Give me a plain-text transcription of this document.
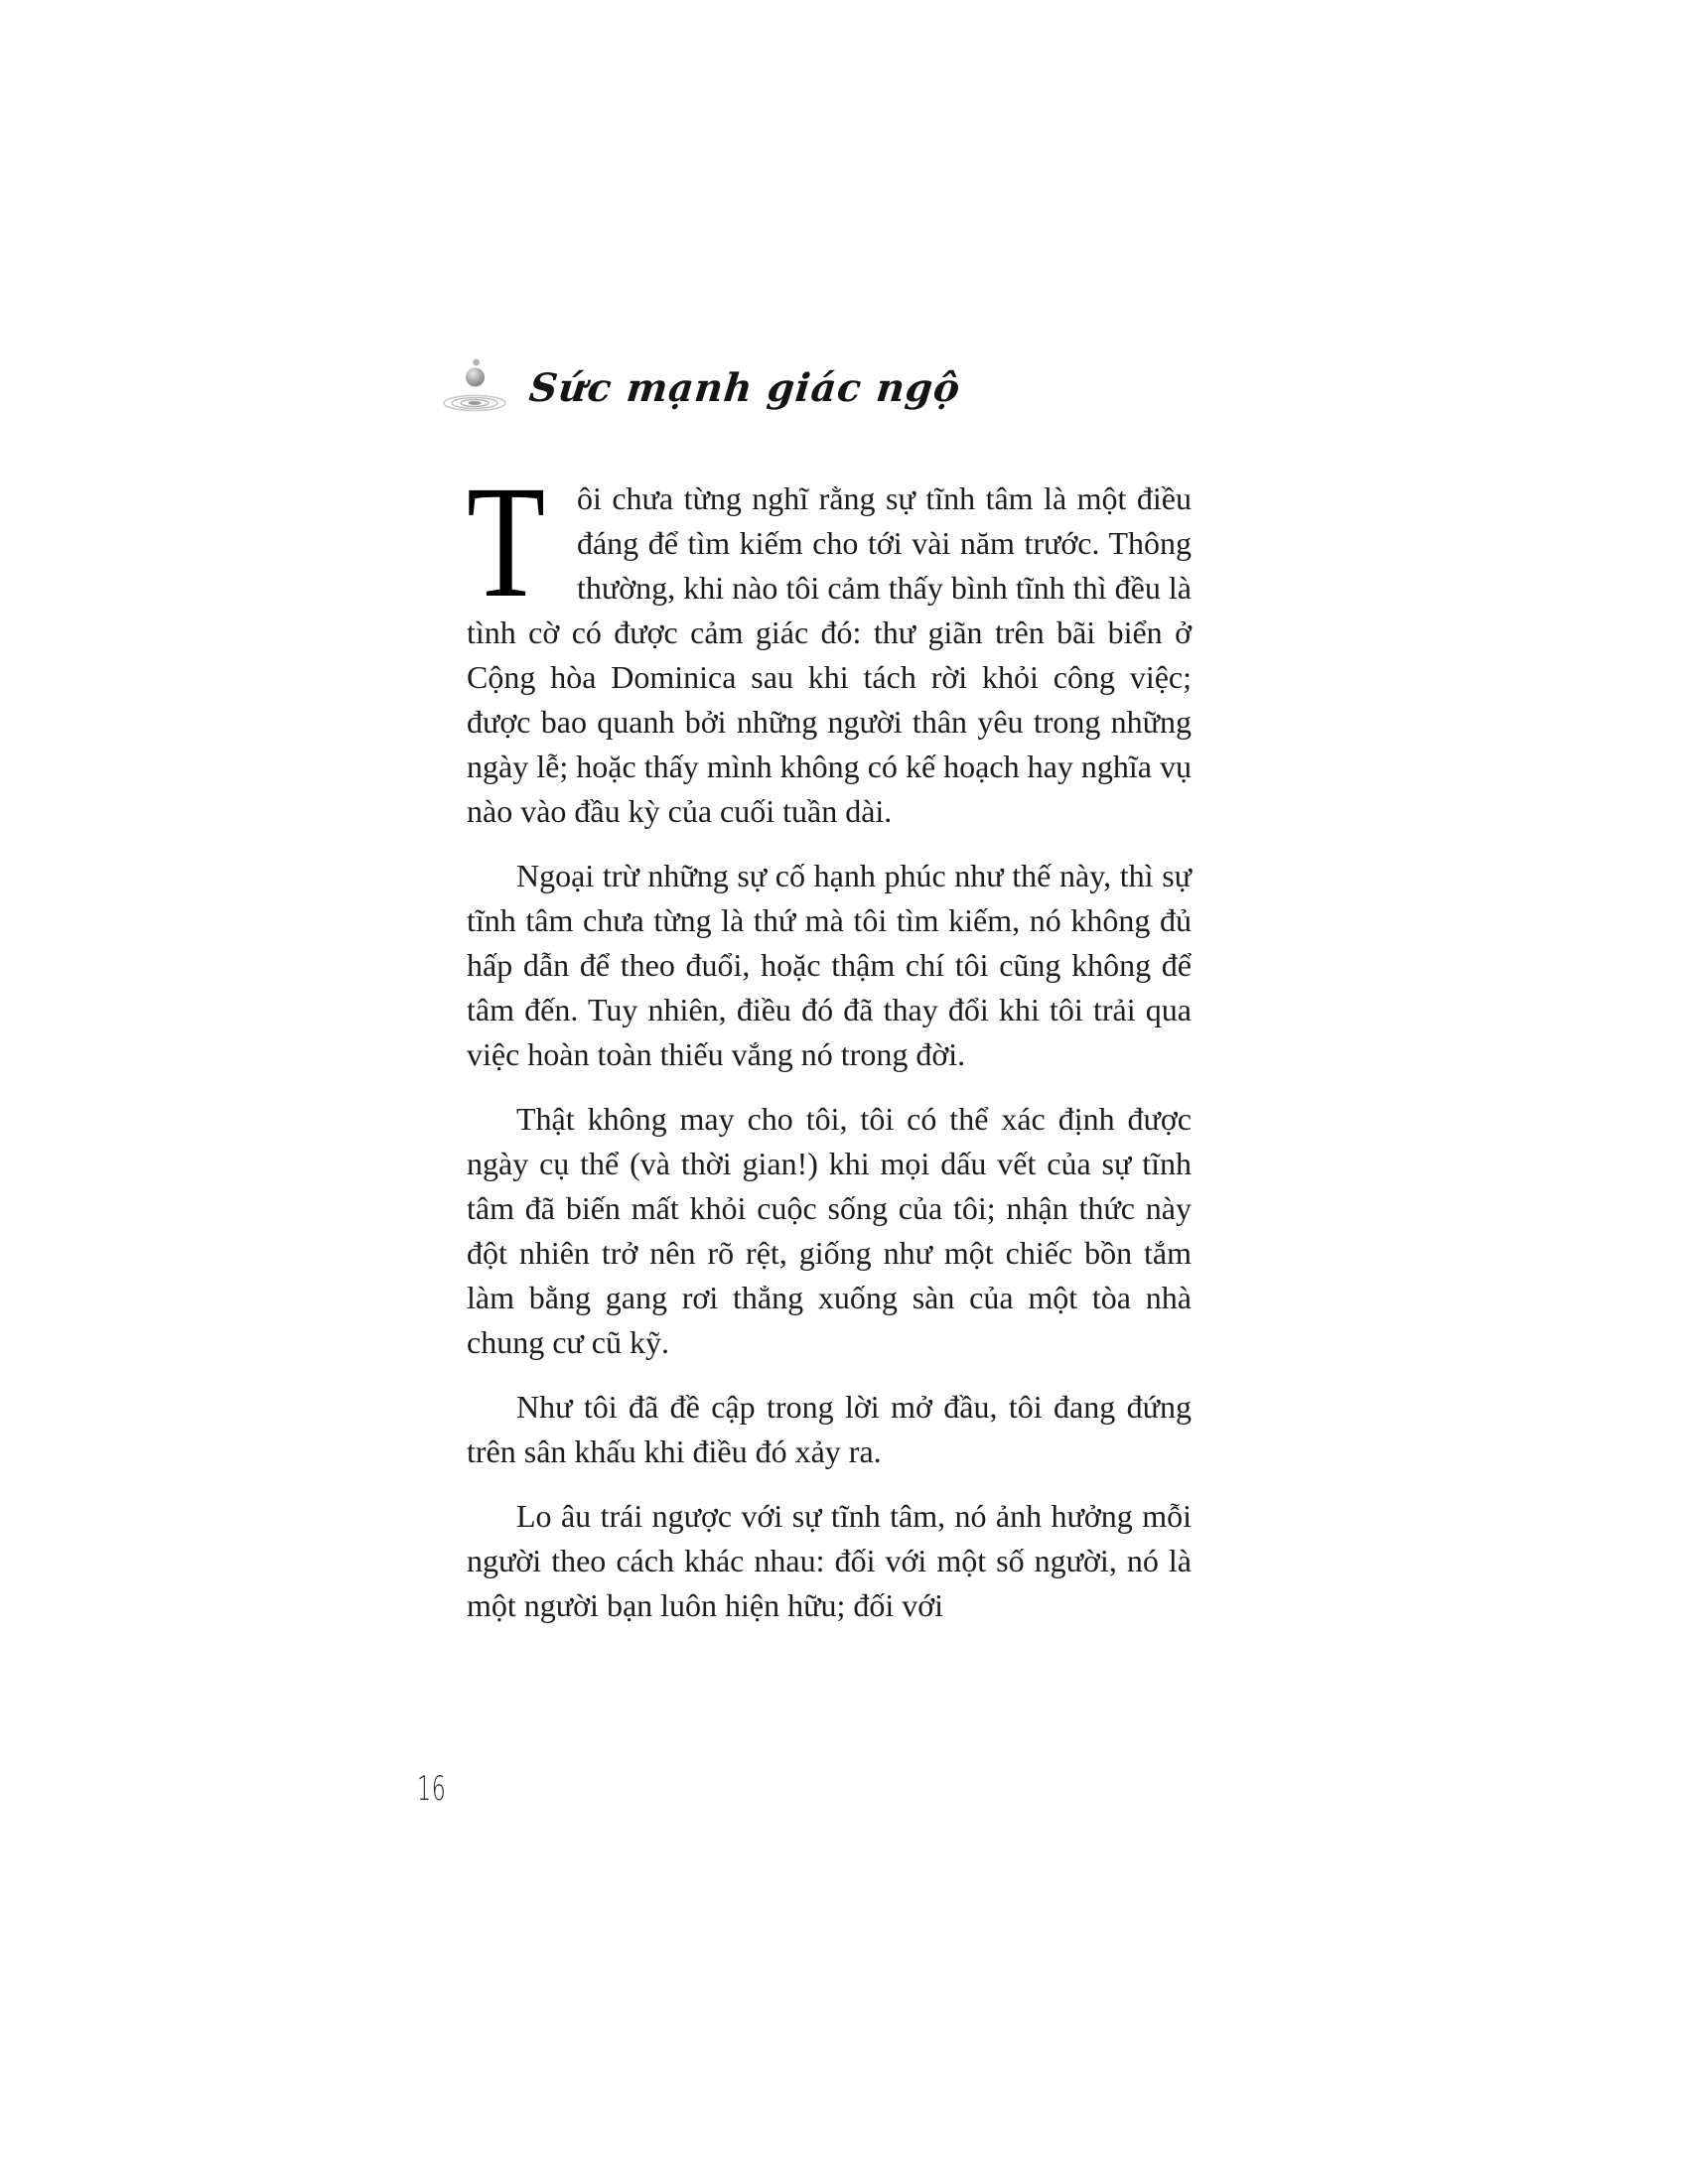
Sức mạnh giác ngộ

Tôi chưa từng nghĩ rằng sự tĩnh tâm là một điều đáng để tìm kiếm cho tới vài năm trước. Thông thường, khi nào tôi cảm thấy bình tĩnh thì đều là tình cờ có được cảm giác đó: thư giãn trên bãi biển ở Cộng hòa Dominica sau khi tách rời khỏi công việc; được bao quanh bởi những người thân yêu trong những ngày lễ; hoặc thấy mình không có kế hoạch hay nghĩa vụ nào vào đầu kỳ của cuối tuần dài.

Ngoại trừ những sự cố hạnh phúc như thế này, thì sự tĩnh tâm chưa từng là thứ mà tôi tìm kiếm, nó không đủ hấp dẫn để theo đuổi, hoặc thậm chí tôi cũng không để tâm đến. Tuy nhiên, điều đó đã thay đổi khi tôi trải qua việc hoàn toàn thiếu vắng nó trong đời.

Thật không may cho tôi, tôi có thể xác định được ngày cụ thể (và thời gian!) khi mọi dấu vết của sự tĩnh tâm đã biến mất khỏi cuộc sống của tôi; nhận thức này đột nhiên trở nên rõ rệt, giống như một chiếc bồn tắm làm bằng gang rơi thẳng xuống sàn của một tòa nhà chung cư cũ kỹ.

Như tôi đã đề cập trong lời mở đầu, tôi đang đứng trên sân khấu khi điều đó xảy ra.

Lo âu trái ngược với sự tĩnh tâm, nó ảnh hưởng mỗi người theo cách khác nhau: đối với một số người, nó là một người bạn luôn hiện hữu; đối với

16
